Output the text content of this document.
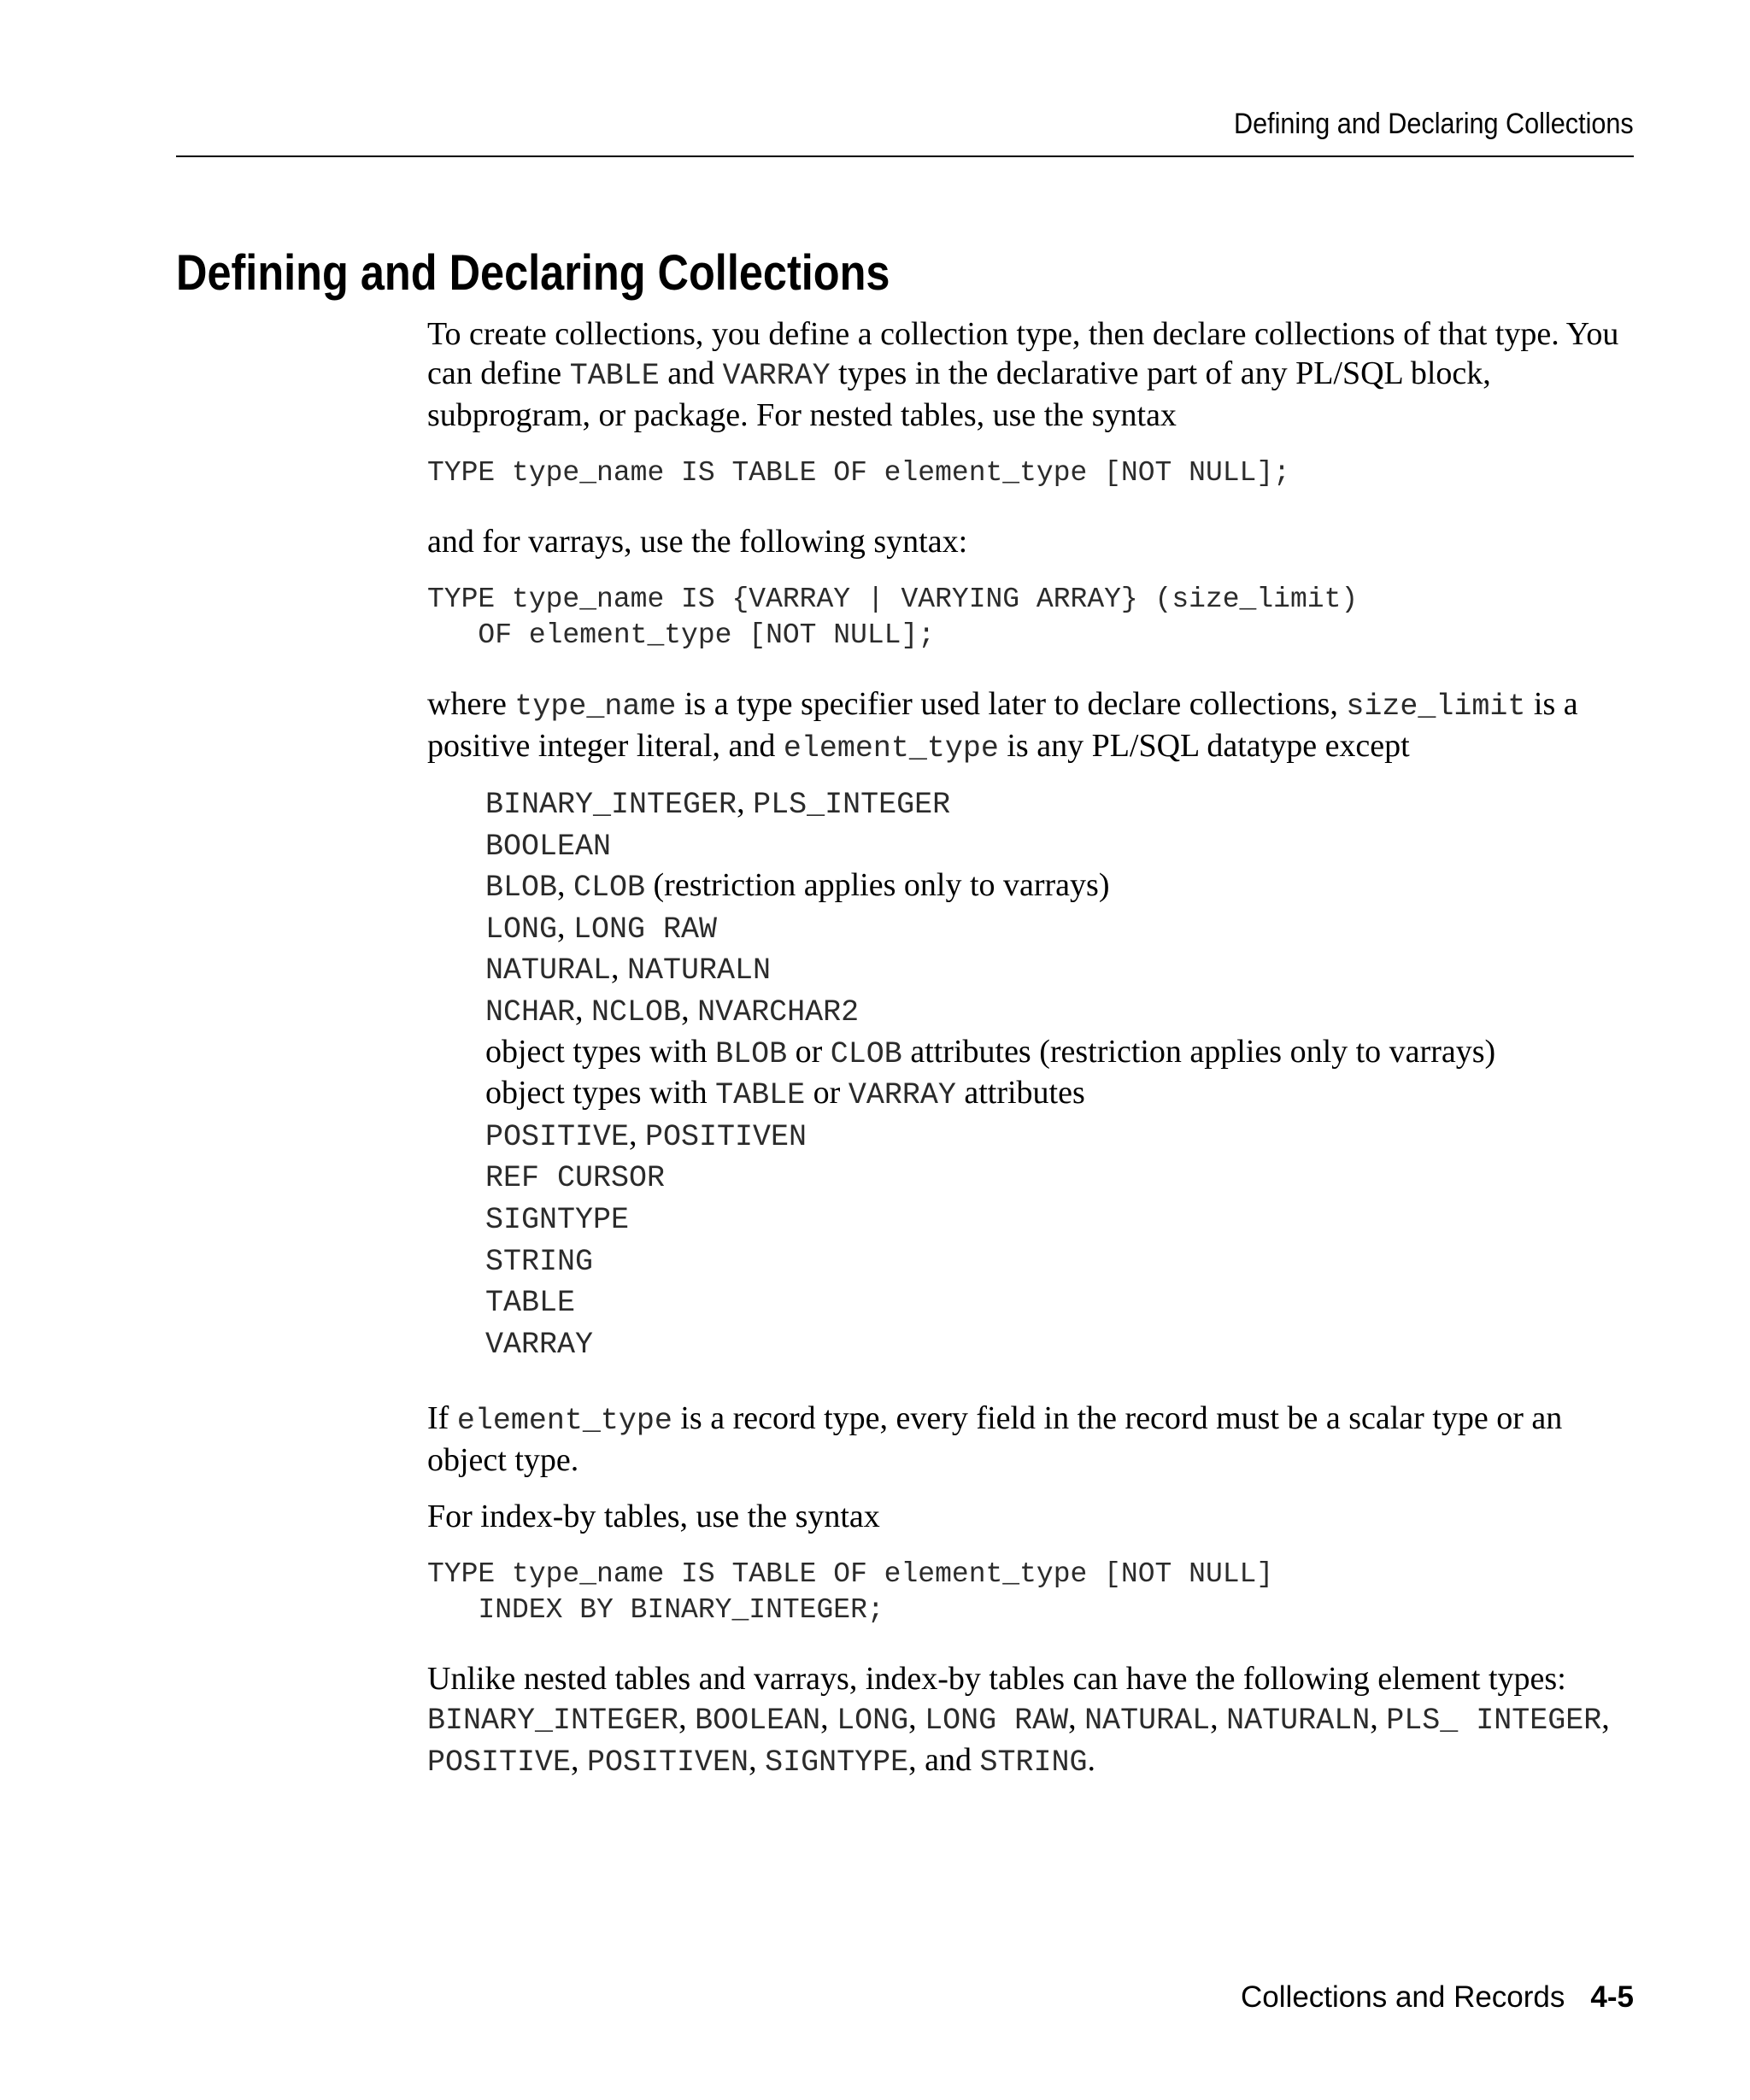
Defining and Declaring Collections
Defining and Declaring Collections

To create collections, you define a collection type, then declare collections of that type. You can define TABLE and VARRAY types in the declarative part of any PL/SQL block, subprogram, or package. For nested tables, use the syntax

TYPE type_name IS TABLE OF element_type [NOT NULL];

and for varrays, use the following syntax:

TYPE type_name IS {VARRAY | VARYING ARRAY} (size_limit)
OF element_type [NOT NULL];

where type_name is a type specifier used later to declare collections, size_limit is a positive integer literal, and element_type is any PL/SQL datatype except

BINARY_INTEGER, PLS_INTEGER
BOOLEAN
BLOB, CLOB (restriction applies only to varrays)
LONG, LONG RAW
NATURAL, NATURALN
NCHAR, NCLOB, NVARCHAR2
object types with BLOB or CLOB attributes (restriction applies only to varrays)
object types with TABLE or VARRAY attributes
POSITIVE, POSITIVEN
REF CURSOR
SIGNTYPE
STRING
TABLE
VARRAY

If element_type is a record type, every field in the record must be a scalar type or an object type.

For index-by tables, use the syntax

TYPE type_name IS TABLE OF element_type [NOT NULL]
INDEX BY BINARY_INTEGER;

Unlike nested tables and varrays, index-by tables can have the following element types: BINARY_INTEGER, BOOLEAN, LONG, LONG RAW, NATURAL, NATURALN, PLS_ INTEGER, POSITIVE, POSITIVEN, SIGNTYPE, and STRING.

Collections and Records 4-5
